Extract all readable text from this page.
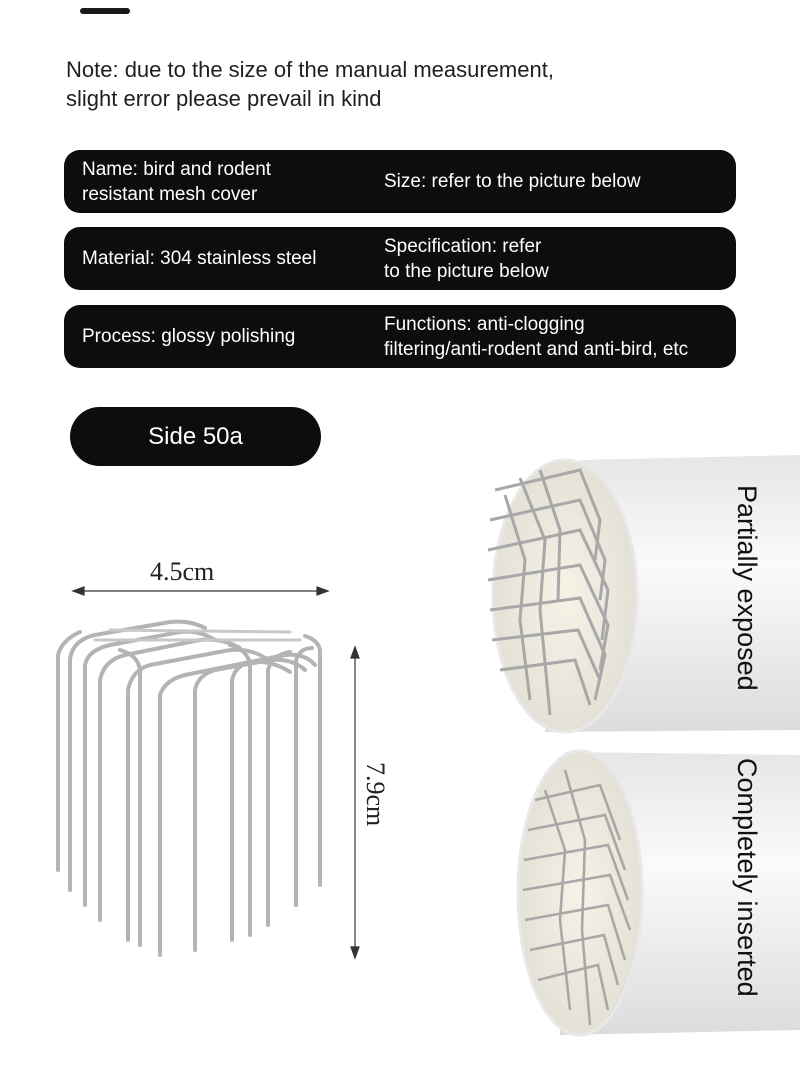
Note: due to the size of the manual measurement,
slight error please prevail in kind
Name: bird and rodent
resistant mesh cover
Size: refer to the picture below
Material: 304 stainless steel
Specification: refer
to the picture below
Process: glossy polishing
Functions: anti-clogging
filtering/anti-rodent and anti-bird, etc
Side 50a
4.5cm
7.9cm
Partially exposed
Completely inserted
